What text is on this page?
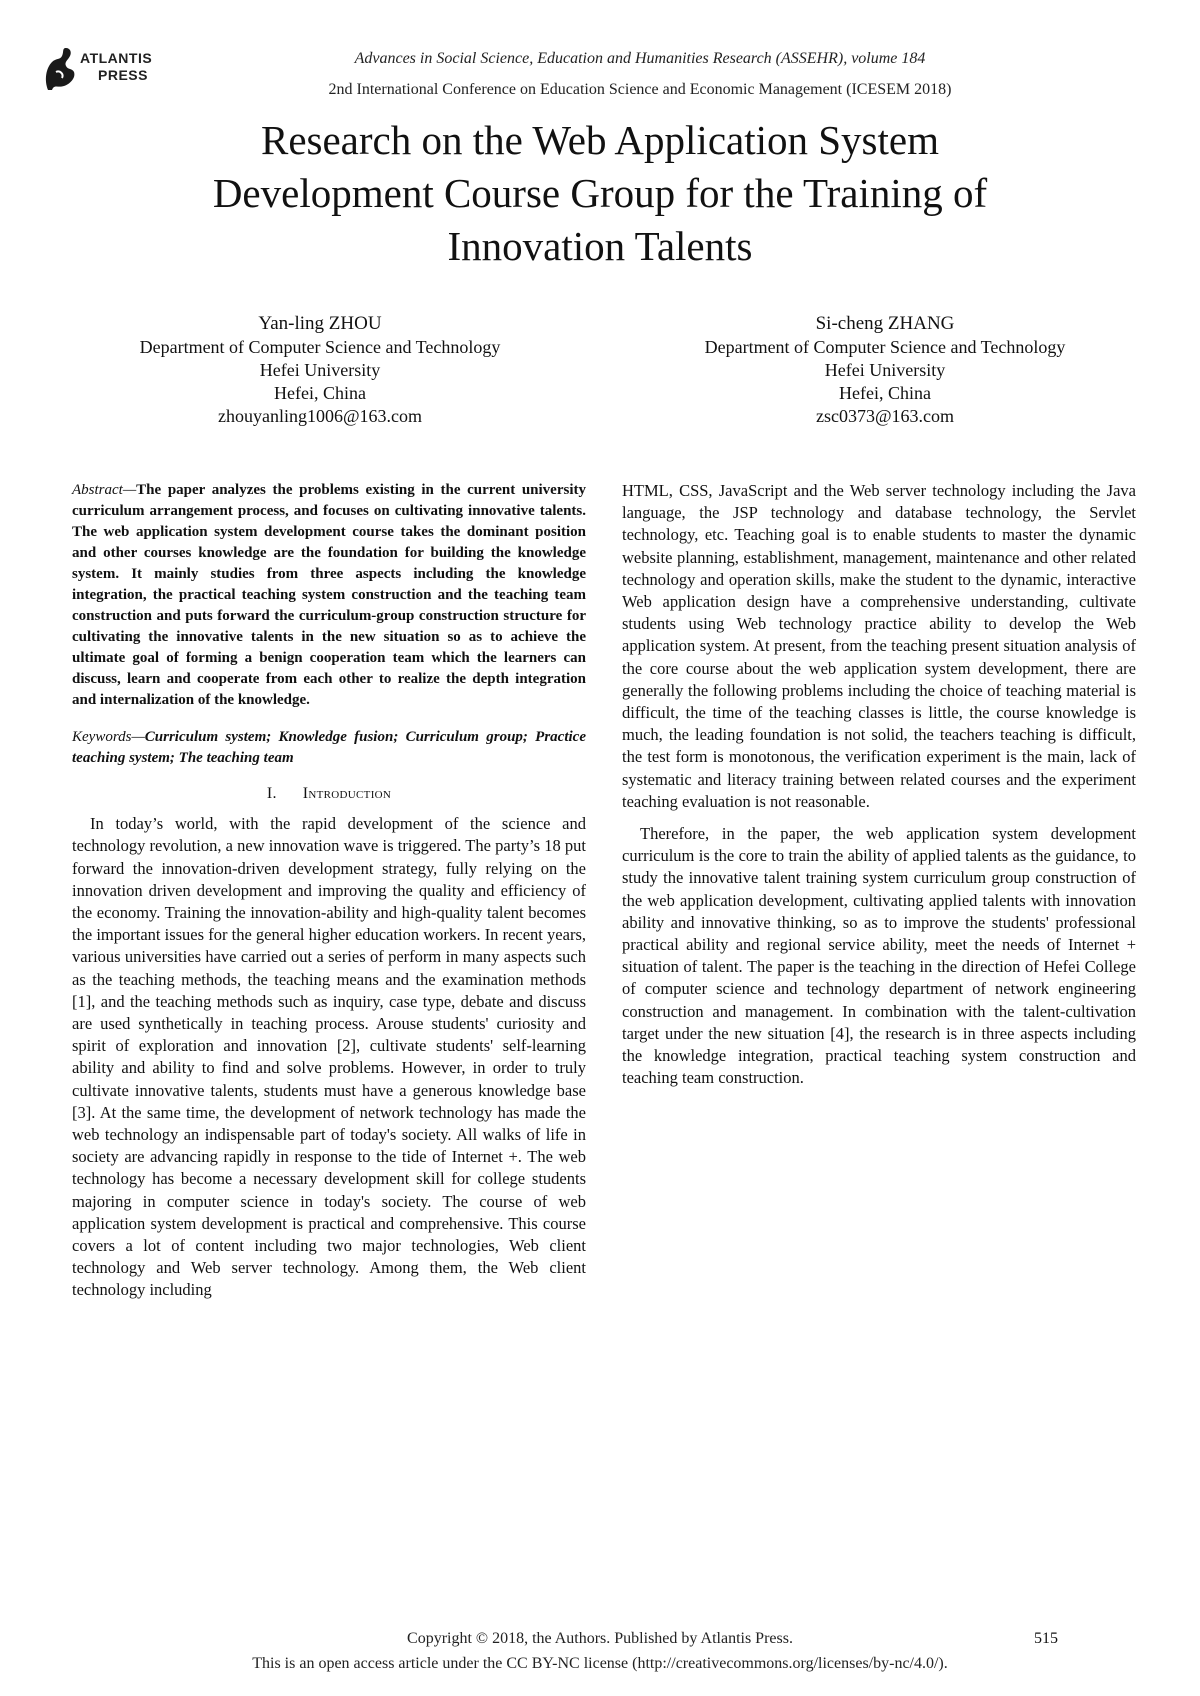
ATLANTIS
PRESS
Advances in Social Science, Education and Humanities Research (ASSEHR), volume 184
2nd International Conference on Education Science and Economic Management (ICESEM 2018)
Research on the Web Application System
Development Course Group for the Training of
Innovation Talents
Yan-ling ZHOU
Department of Computer Science and Technology
Hefei University
Hefei, China
zhouyanling1006@163.com
Si-cheng ZHANG
Department of Computer Science and Technology
Hefei University
Hefei, China
zsc0373@163.com
Abstract—The paper analyzes the problems existing in the current university curriculum arrangement process, and focuses on cultivating innovative talents. The web application system development course takes the dominant position and other courses knowledge are the foundation for building the knowledge system. It mainly studies from three aspects including the knowledge integration, the practical teaching system construction and the teaching team construction and puts forward the curriculum-group construction structure for cultivating the innovative talents in the new situation so as to achieve the ultimate goal of forming a benign cooperation team which the learners can discuss, learn and cooperate from each other to realize the depth integration and internalization of the knowledge.
Keywords—Curriculum system; Knowledge fusion; Curriculum group; Practice teaching system; The teaching team
I. Introduction

In today’s world, with the rapid development of the science and technology revolution, a new innovation wave is triggered. The party’s 18 put forward the innovation-driven development strategy, fully relying on the innovation driven development and improving the quality and efficiency of the economy. Training the innovation-ability and high-quality talent becomes the important issues for the general higher education workers. In recent years, various universities have carried out a series of perform in many aspects such as the teaching methods, the teaching means and the examination methods [1], and the teaching methods such as inquiry, case type, debate and discuss are used synthetically in teaching process. Arouse students' curiosity and spirit of exploration and innovation [2], cultivate students' self-learning ability and ability to find and solve problems. However, in order to truly cultivate innovative talents, students must have a generous knowledge base [3]. At the same time, the development of network technology has made the web technology an indispensable part of today's society. All walks of life in society are advancing rapidly in response to the tide of Internet +. The web technology has become a necessary development skill for college students majoring in computer science in today's society. The course of web application system development is practical and comprehensive. This course covers a lot of content including two major technologies, Web client technology and Web server technology. Among them, the Web client technology including

HTML, CSS, JavaScript and the Web server technology including the Java language, the JSP technology and database technology, the Servlet technology, etc. Teaching goal is to enable students to master the dynamic website planning, establishment, management, maintenance and other related technology and operation skills, make the student to the dynamic, interactive Web application design have a comprehensive understanding, cultivate students using Web technology practice ability to develop the Web application system. At present, from the teaching present situation analysis of the core course about the web application system development, there are generally the following problems including the choice of teaching material is difficult, the time of the teaching classes is little, the course knowledge is much, the leading foundation is not solid, the teachers teaching is difficult, the test form is monotonous, the verification experiment is the main, lack of systematic and literacy training between related courses and the experiment teaching evaluation is not reasonable.

Therefore, in the paper, the web application system development curriculum is the core to train the ability of applied talents as the guidance, to study the innovative talent training system curriculum group construction of the web application development, cultivating applied talents with innovation ability and innovative thinking, so as to improve the students' professional practical ability and regional service ability, meet the needs of Internet + situation of talent. The paper is the teaching in the direction of Hefei College of computer science and technology department of network engineering construction and management. In combination with the talent-cultivation target under the new situation [4], the research is in three aspects including the knowledge integration, practical teaching system construction and teaching team construction.

Copyright © 2018, the Authors. Published by Atlantis Press.	515
This is an open access article under the CC BY-NC license (http://creativecommons.org/licenses/by-nc/4.0/).
